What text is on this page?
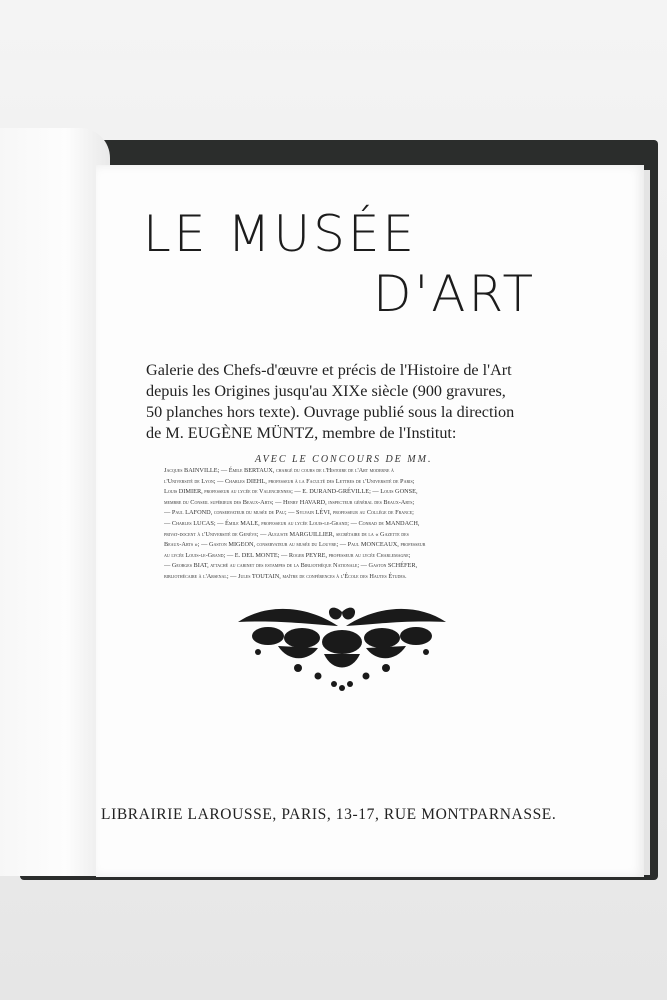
LE MUSÉE
D'ART
Galerie des Chefs-d'œuvre et précis de l'Histoire de l'Art
depuis les Origines jusqu'au XIXe siècle (900 gravures,
50 planches hors texte). Ouvrage publié sous la direction
de M. EUGÈNE MÜNTZ, membre de l'Institut:
AVEC LE CONCOURS DE MM.
Jacques BAINVILLE; — Émile BERTAUX, chargé du cours de l'Histoire de l'Art moderne à
l'Université de Lyon; — Charles DIEHL, professeur à la Faculté des Lettres de l'Université de Paris;
Louis DIMIER, professeur au lycée de Valenciennes; — E. DURAND-GRÉVILLE; — Louis GONSE,
membre du Conseil supérieur des Beaux-Arts; — Henry HAVARD, inspecteur général des Beaux-Arts;
— Paul LAFOND, conservateur du musée de Pau; — Sylvain LÉVI, professeur au Collège de France;
— Charles LUCAS; — Émile MALE, professeur au lycée Louis-le-Grand; — Conrad de MANDACH,
privat-docent à l'Université de Genève; — Auguste MARGUILLIER, secrétaire de la « Gazette des
Beaux-Arts »; — Gaston MIGEON, conservateur au musée du Louvre; — Paul MONCEAUX, professeur
au lycée Louis-le-Grand; — E. DEL MONTE; — Roger PEYRE, professeur au lycée Charlemagne;
— Georges BIAT, attaché au cabinet des estampes de la Bibliothèque Nationale; — Gaston SCHÉFER,
bibliothécaire à l'Arsenal; — Jules TOUTAIN, maître de conférences à l'École des Hautes Études.
LIBRAIRIE LAROUSSE, PARIS, 13-17, RUE MONTPARNASSE.
